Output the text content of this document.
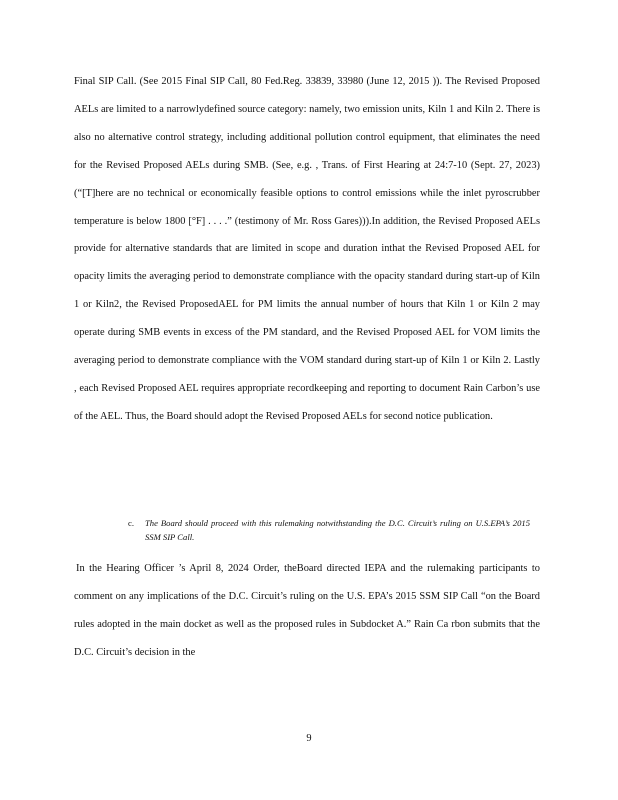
Final SIP Call. (See 2015 Final SIP Call, 80 Fed.Reg. 33839, 33980 (June 12, 2015 )). The Revised Proposed AELs are limited to a narrowlydefined source category: namely, two emission units, Kiln 1 and Kiln 2. There is also no alternative control strategy, including additional pollution control equipment, that eliminates the need for the Revised Proposed AELs during SMB. (See, e.g. , Trans. of First Hearing at 24:7-10 (Sept. 27, 2023) (“[T]here are no technical or economically feasible options to control emissions while the inlet pyroscrubber temperature is below 1800 [°F] . . . .” (testimony of Mr. Ross Gares))).In addition, the Revised Proposed AELs provide for alternative standards that are limited in scope and duration inthat the Revised Proposed AEL for opacity limits the averaging period to demonstrate compliance with the opacity standard during start-up of Kiln 1 or Kiln2, the Revised ProposedAEL for PM limits the annual number of hours that Kiln 1 or Kiln 2 may operate during SMB events in excess of the PM standard, and the Revised Proposed AEL for VOM limits the averaging period to demonstrate compliance with the VOM standard during start-up of Kiln 1 or Kiln 2. Lastly , each Revised Proposed AEL requires appropriate recordkeeping and reporting to document Rain Carbon’s use of the AEL. Thus, the Board should adopt the Revised Proposed AELs for second notice publication.

c. The Board should proceed with this rulemaking notwithstanding the D.C. Circuit’s ruling on U.S.EPA’s 2015 SSM SIP Call.

In the Hearing Officer ’s April 8, 2024 Order, theBoard directed IEPA and the rulemaking participants to comment on any implications of the D.C. Circuit’s ruling on the U.S. EPA’s 2015 SSM SIP Call “on the Board rules adopted in the main docket as well as the proposed rules in Subdocket A.” Rain Ca rbon submits that the D.C. Circuit’s decision in the

9
